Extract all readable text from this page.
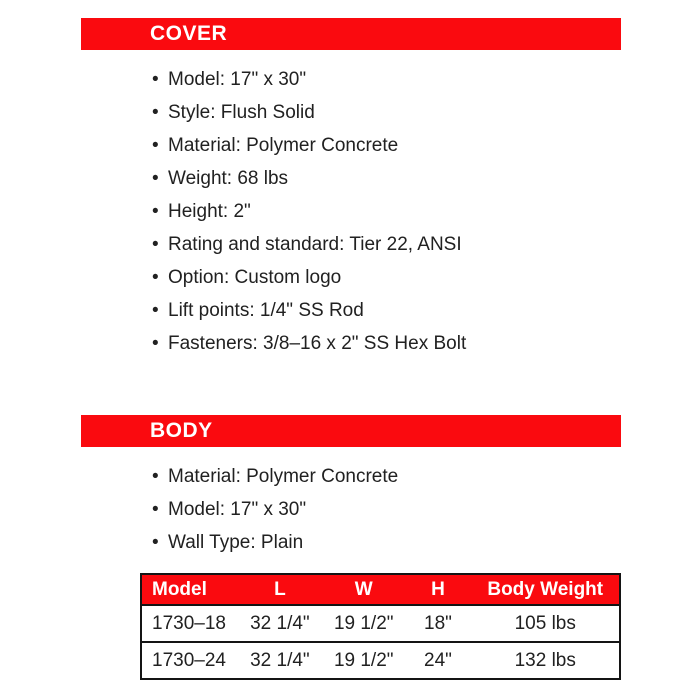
COVER
• Model: 17" x 30"
• Style: Flush Solid
• Material: Polymer Concrete
• Weight: 68 lbs
• Height: 2"
• Rating and standard: Tier 22, ANSI
• Option: Custom logo
• Lift points: 1/4" SS Rod
• Fasteners: 3/8–16 x 2" SS Hex Bolt
BODY
• Material: Polymer Concrete
• Model: 17" x 30"
• Wall Type: Plain
Model	L	W	H	Body Weight
1730–18	32 1/4"	19 1/2"	18"	105 lbs
1730–24	32 1/4"	19 1/2"	24"	132 lbs
